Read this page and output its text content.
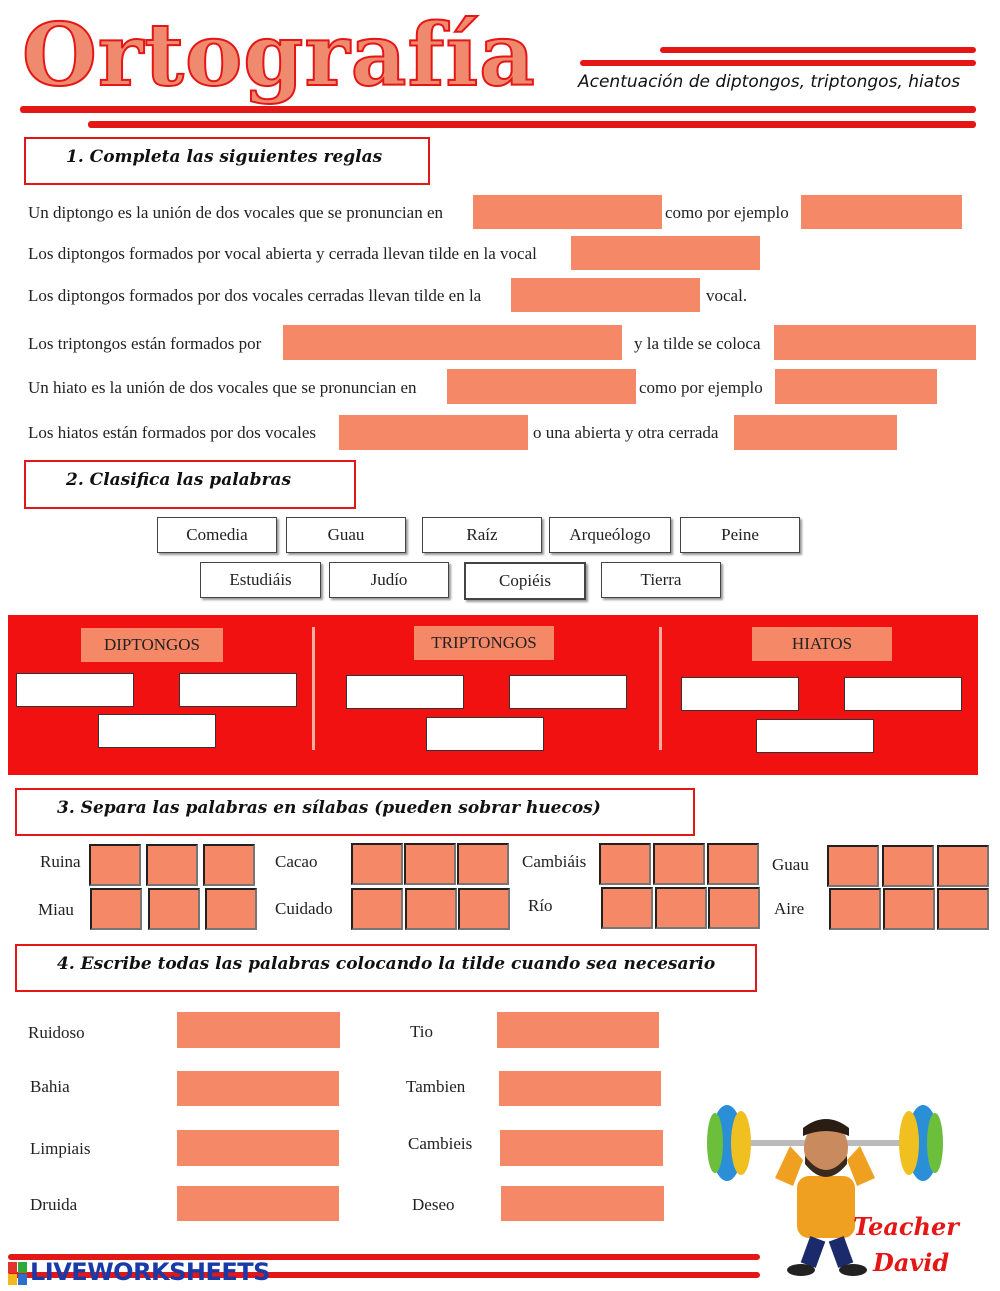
Ortografía Acentuación de diptongos, triptongos, hiatos
1. Completa las siguientes reglas
Un diptongo es la unión de dos vocales que se pronuncian en	como por ejemplo
Los diptongos formados por vocal abierta y cerrada llevan tilde en la vocal
Los diptongos formados por dos vocales cerradas llevan tilde en la	vocal.
Los triptongos están formados por	y la tilde se coloca
Un hiato es la unión de dos vocales que se pronuncian en	como por ejemplo
Los hiatos están formados por dos vocales	o una abierta y otra cerrada
2. Clasifica las palabras
Comedia	Guau	Raíz	Arqueólogo	Peine
Estudiáis	Judío	Copiéis	Tierra
DIPTONGOS	TRIPTONGOS	HIATOS
3. Separa las palabras en sílabas (pueden sobrar huecos)
Ruina
Miau
Cacao
Cuidado
Cambiáis
Río
Guau
Aire
4. Escribe todas las palabras colocando la tilde cuando sea necesario
Ruidoso
Bahia
Limpiais
Druida
Tio
Tambien
Cambieis
Deseo
Teacher
David
LIVEWORKSHEETS
